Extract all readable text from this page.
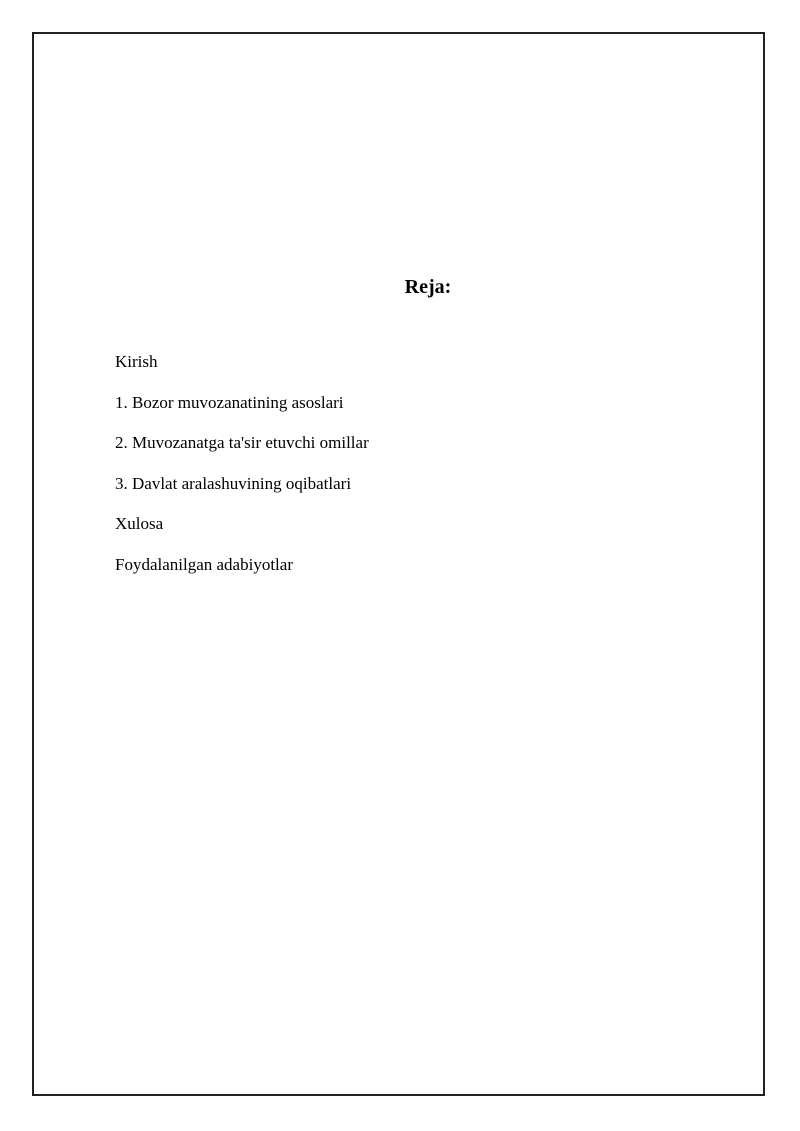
Reja:
Kirish
1. Bozor muvozanatining asoslari
2. Muvozanatga ta'sir etuvchi omillar
3. Davlat aralashuvining oqibatlari
Xulosa
Foydalanilgan adabiyotlar
